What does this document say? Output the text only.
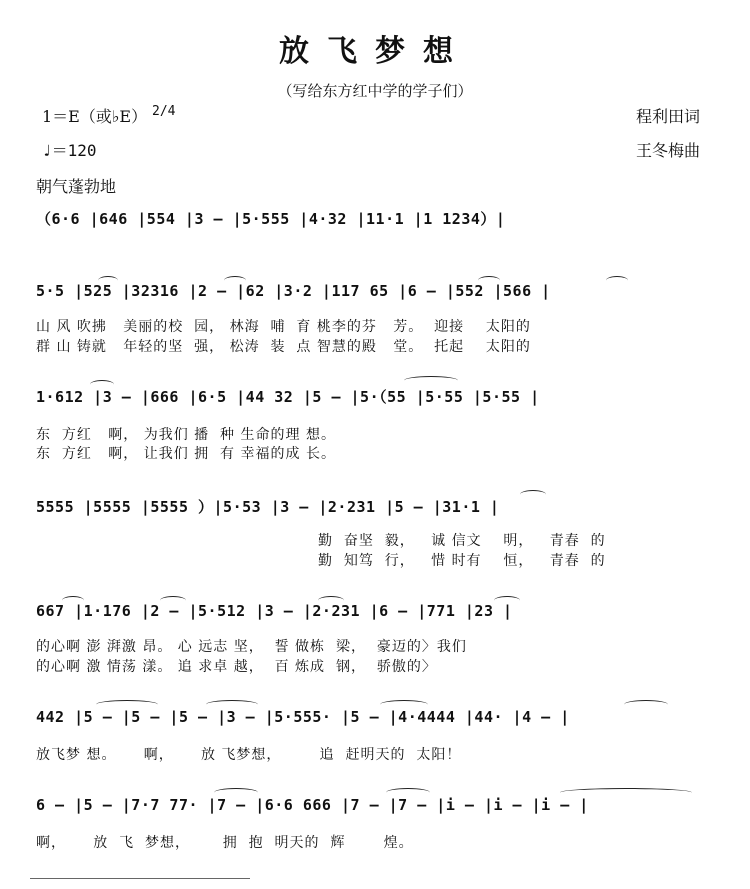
放飞梦想
（写给东方红中学的学子们）
1＝E（或♭E） 2/4	程利田词
♩＝120	王冬梅曲
朝气蓬勃地
（6·6 |646 |554 |3 — |5·555 |4·32 |11·1 |1 1234）|
5·5 |525 |32316 |2 — |62 |3·2 |117 65 |6 — |552 |566 |
山 风 吹拂   美丽的校  园， 林海  哺  育 桃李的芬   芳。  迎接    太阳的
群 山 铸就   年轻的坚  强， 松涛  装  点 智慧的殿   堂。  托起    太阳的
1·612 |3 — |666 |6·5 |44 32 |5 — |5·（55 |5·55 |5·55 |
东  方红   啊， 为我们 播  种 生命的理 想。
东  方红   啊， 让我们 拥  有 幸福的成 长。
5555 |5555 |5555 ）|5·53 |3 — |2·231 |5 — |31·1 |
勤  奋坚  毅，   诚 信文    明，   青春  的
勤  知笃  行，   惜 时有    恒，   青春  的
667 |1·176 |2 — |5·512 |3 — |2·231 |6 — |771 |23 |
的心啊 澎 湃激 昂。 心 远志 坚，  誓 做栋  梁，  豪迈的〉我们
的心啊 激 情荡 漾。 追 求卓 越，  百 炼成  钢，  骄傲的〉
442 |5 — |5 — |5 — |3 — |5·555· |5 — |4·4444 |44· |4 — |
放飞梦 想。     啊，     放 飞梦想，       追  赶明天的  太阳！
6 — |5 — |7·7 77· |7 — |6·6 666 |7 — |7 — |i — |i — |i — |
啊，     放  飞  梦想，      拥  抱  明天的  辉       煌。
